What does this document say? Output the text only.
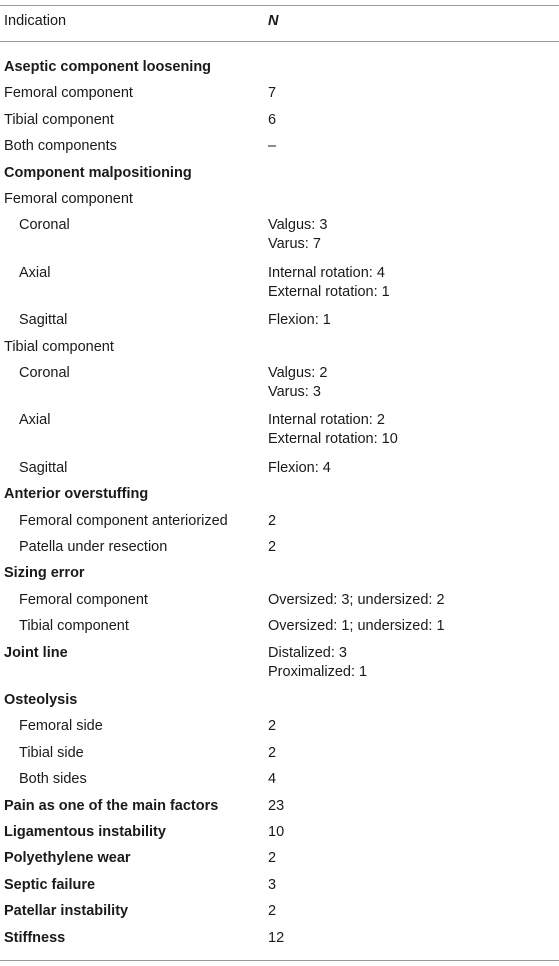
Indication	N
Aseptic component loosening
Femoral component	7
Tibial component	6
Both components	–
Component malpositioning
Femoral component
Coronal	Valgus: 3
Varus: 7
Axial	Internal rotation: 4
External rotation: 1
Sagittal	Flexion: 1
Tibial component
Coronal	Valgus: 2
Varus: 3
Axial	Internal rotation: 2
External rotation: 10
Sagittal	Flexion: 4
Anterior overstuffing
Femoral component anteriorized	2
Patella under resection	2
Sizing error
Femoral component	Oversized: 3; undersized: 2
Tibial component	Oversized: 1; undersized: 1
Joint line	Distalized: 3
Proximalized: 1
Osteolysis
Femoral side	2
Tibial side	2
Both sides	4
Pain as one of the main factors	23
Ligamentous instability	10
Polyethylene wear	2
Septic failure	3
Patellar instability	2
Stiffness	12
